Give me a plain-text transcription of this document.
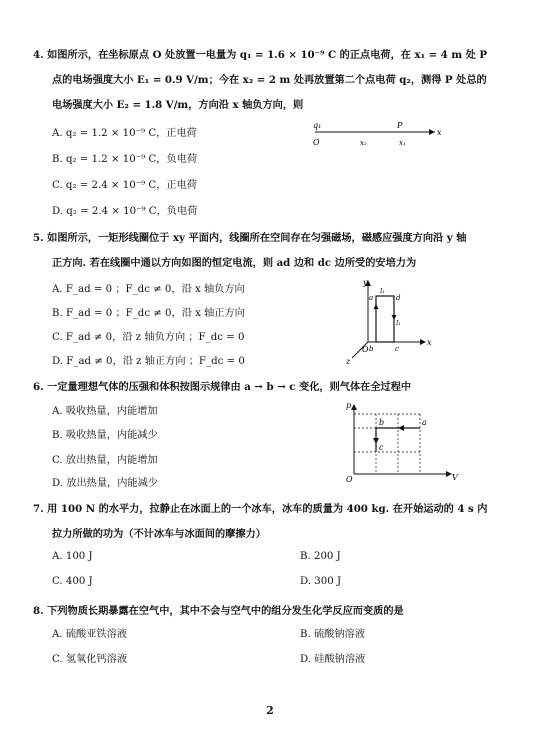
4. 如图所示，在坐标原点 O 处放置一电量为 q₁ = 1.6 × 10⁻⁹ C 的正点电荷，在 x₁ = 4 m 处 P
点的电场强度大小 E₁ = 0.9 V/m；今在 x₂ = 2 m 处再放置第二个点电荷 q₂，测得 P 处总的
电场强度大小 E₂ = 1.8 V/m，方向沿 x 轴负方向，则
A. q₂ = 1.2 × 10⁻⁹ C，正电荷
B. q₂ = 1.2 × 10⁻⁹ C，负电荷
C. q₂ = 2.4 × 10⁻⁹ C，正电荷
D. q₂ = 2.4 × 10⁻⁹ C，负电荷
q₁	P
O	x₂	x₁
x
5. 如图所示，一矩形线圈位于 xy 平面内，线圈所在空间存在匀强磁场，磁感应强度方向沿 y 轴
正方向. 若在线圈中通以方向如图的恒定电流，则 ad 边和 dc 边所受的安培力为
A. F_ad = 0 ；F_dc ≠ 0，沿 x 轴负方向
B. F_ad = 0 ；F_dc ≠ 0，沿 x 轴正方向
C. F_ad ≠ 0，沿 z 轴负方向 ；F_dc = 0
D. F_ad ≠ 0，沿 z 轴正方向 ；F_dc = 0
y
x
z
O
a	d
b	c
I₁
I₁
6. 一定量理想气体的压强和体积按图示规律由 a → b → c 变化，则气体在全过程中
A. 吸收热量，内能增加
B. 吸收热量，内能减少
C. 放出热量，内能增加
D. 放出热量，内能减少
p
V
O
a
b
c
7. 用 100 N 的水平力，拉静止在冰面上的一个冰车，冰车的质量为 400 kg. 在开始运动的 4 s 内
拉力所做的功为（不计冰车与冰面间的摩擦力）
A. 100 J	B. 200 J
C. 400 J	D. 300 J
8. 下列物质长期暴露在空气中，其中不会与空气中的组分发生化学反应而变质的是
A. 硫酸亚铁溶液	B. 硫酸钠溶液
C. 氢氧化钙溶液	D. 硅酸钠溶液
2
